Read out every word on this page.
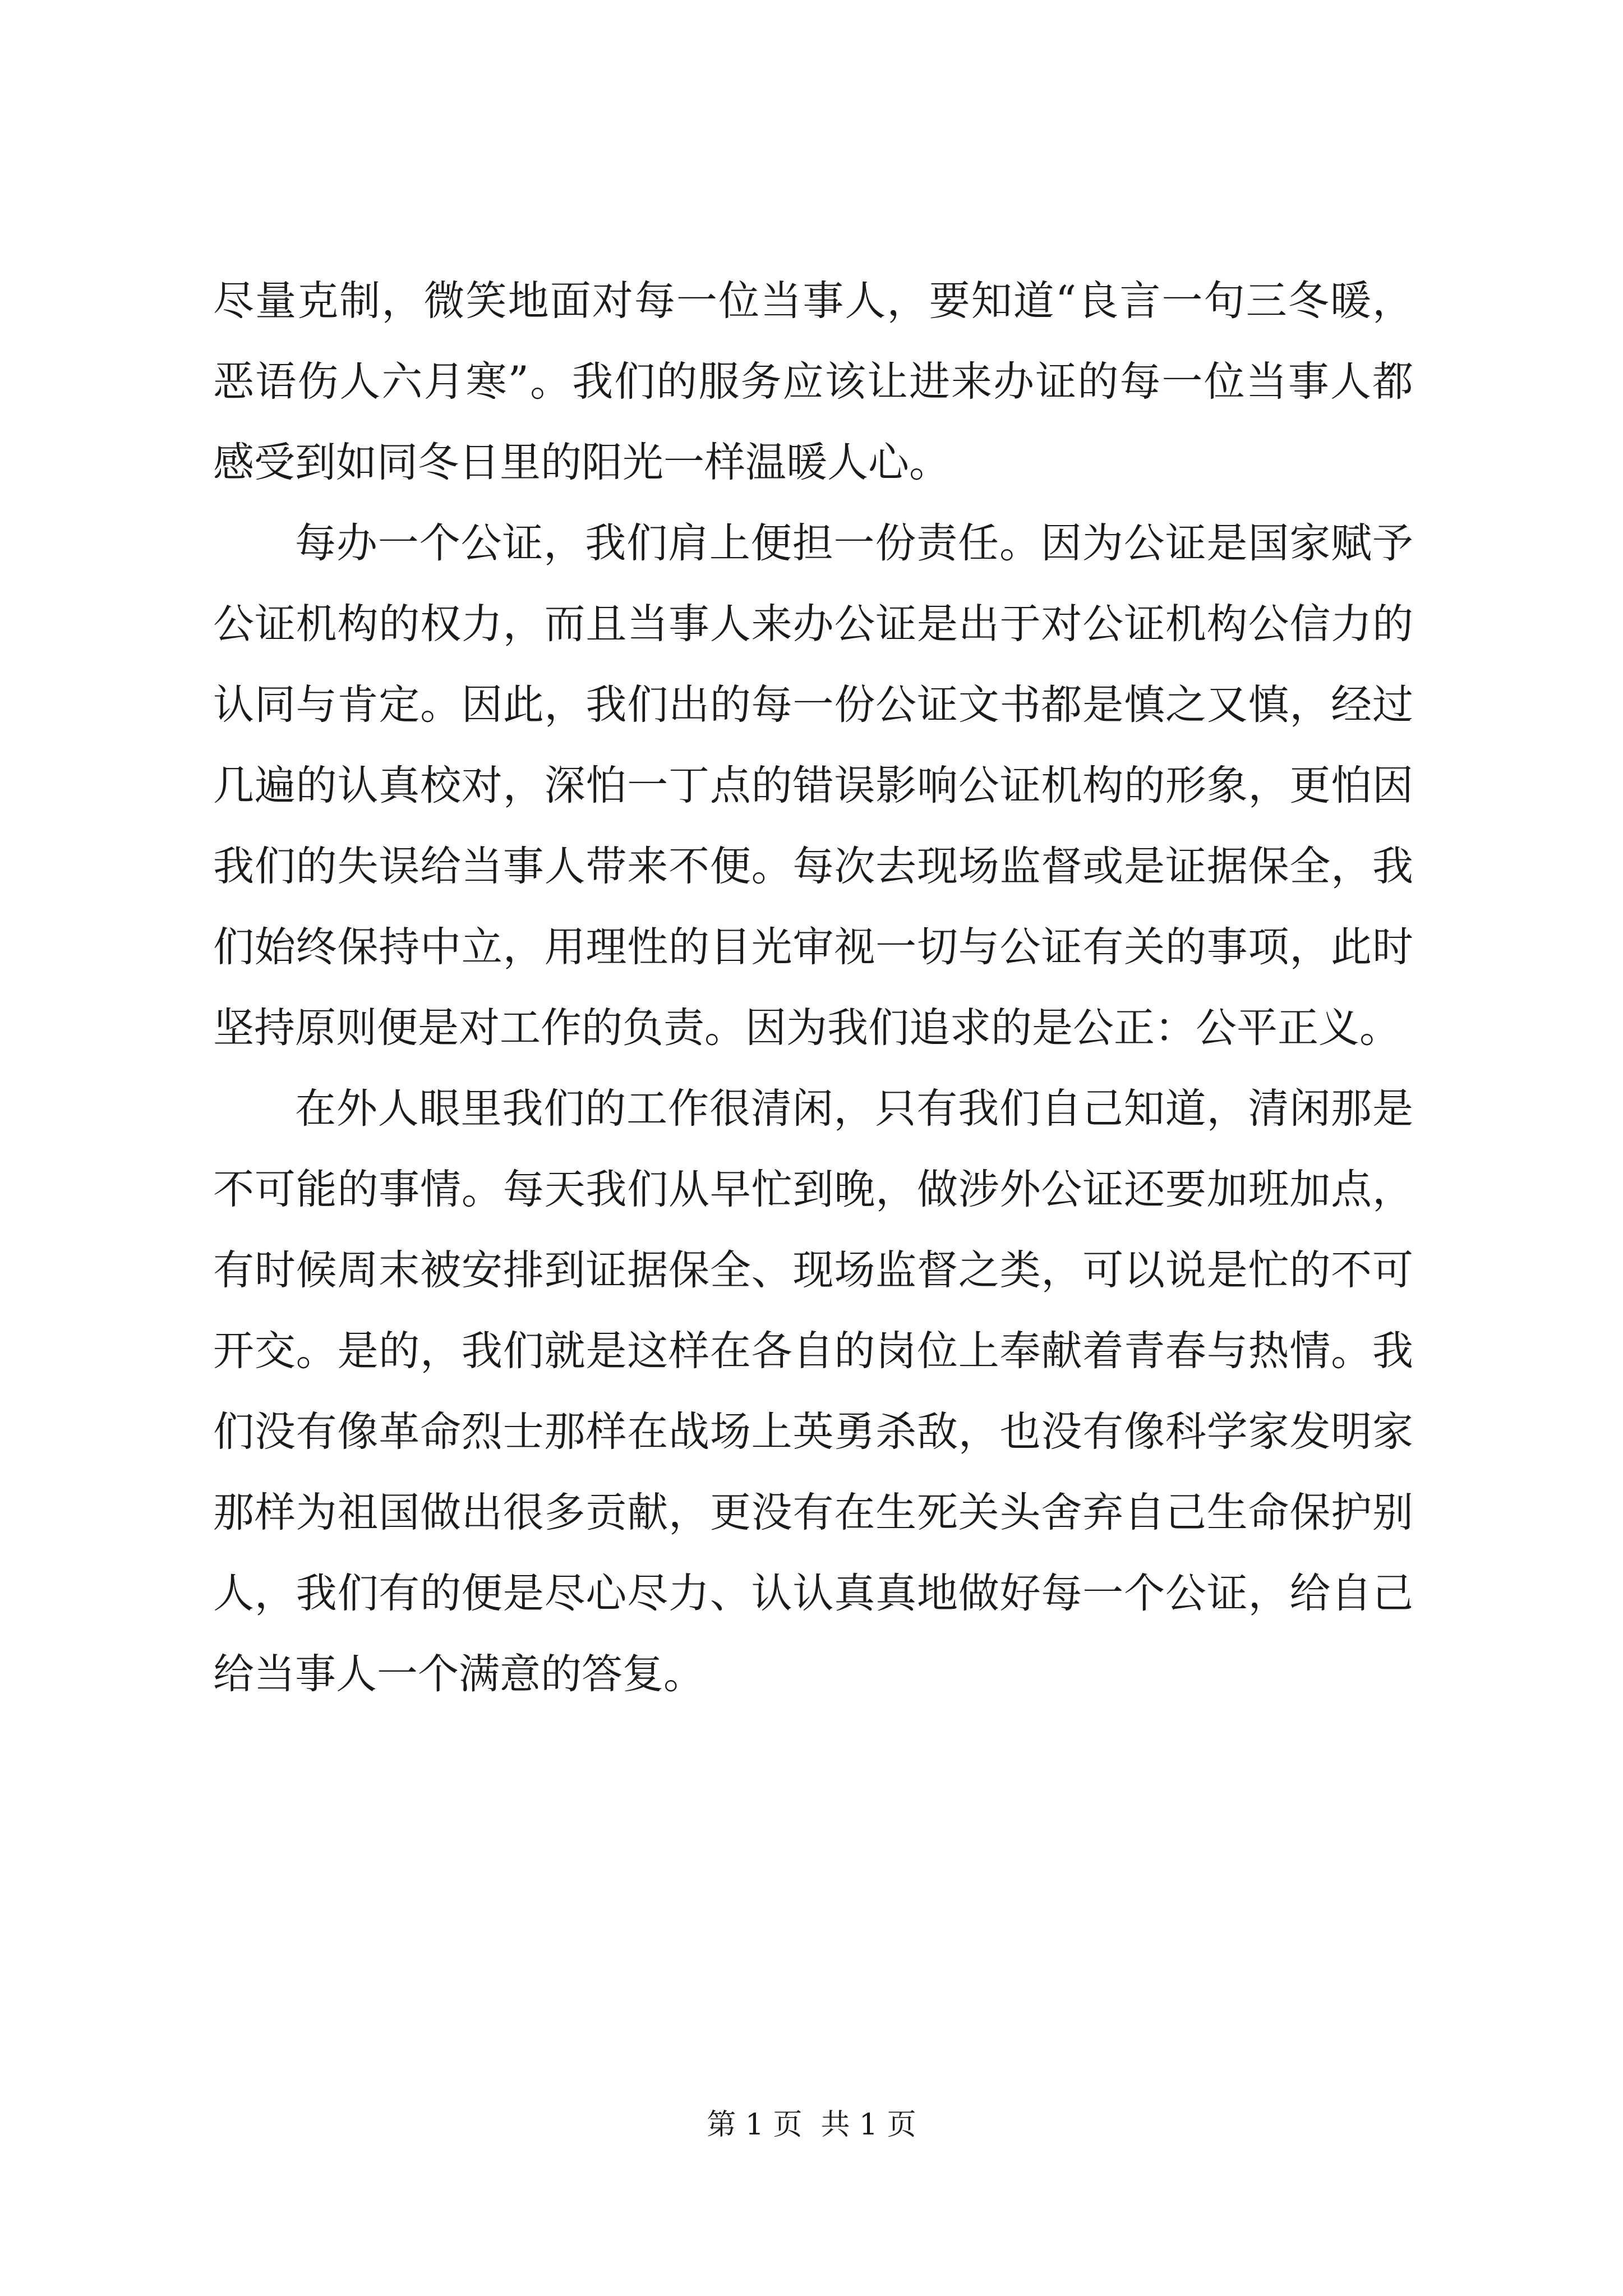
尽量克制，微笑地面对每一位当事人，要知道“良言一句三冬暖，恶语伤人六月寒”。我们的服务应该让进来办证的每一位当事人都感受到如同冬日里的阳光一样温暖人心。

每办一个公证，我们肩上便担一份责任。因为公证是国家赋予公证机构的权力，而且当事人来办公证是出于对公证机构公信力的认同与肯定。因此，我们出的每一份公证文书都是慎之又慎，经过几遍的认真校对，深怕一丁点的错误影响公证机构的形象，更怕因我们的失误给当事人带来不便。每次去现场监督或是证据保全，我们始终保持中立，用理性的目光审视一切与公证有关的事项，此时坚持原则便是对工作的负责。因为我们追求的是公正：公平正义。

在外人眼里我们的工作很清闲，只有我们自己知道，清闲那是不可能的事情。每天我们从早忙到晚，做涉外公证还要加班加点，有时候周末被安排到证据保全、现场监督之类，可以说是忙的不可开交。是的，我们就是这样在各自的岗位上奉献着青春与热情。我们没有像革命烈士那样在战场上英勇杀敌，也没有像科学家发明家那样为祖国做出很多贡献，更没有在生死关头舍弃自己生命保护别人，我们有的便是尽心尽力、认认真真地做好每一个公证，给自己给当事人一个满意的答复。

第 1 页  共 1 页
